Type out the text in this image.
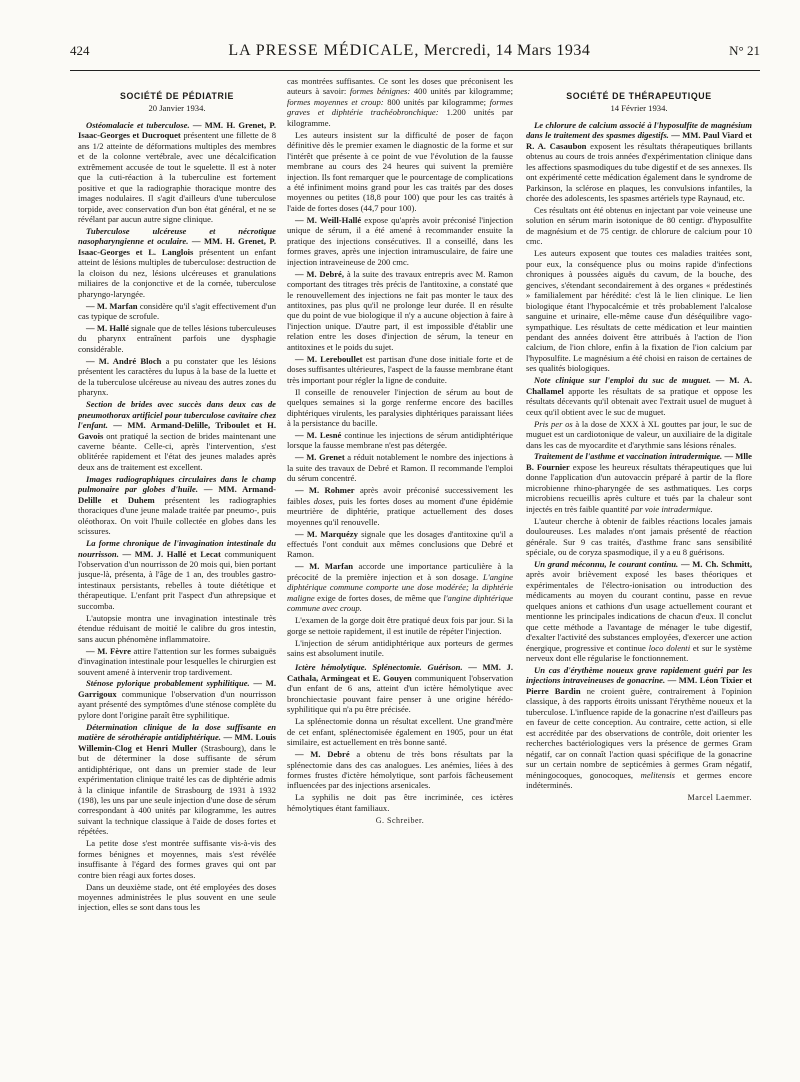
424	LA PRESSE MÉDICALE, Mercredi, 14 Mars 1934	N° 21
SOCIÉTÉ DE PÉDIATRIE
20 Janvier 1934.

Ostéomalacie et tuberculose. — MM. H. Grenet, P. Isaac-Georges et Ducroquet présentent une fillette de 8 ans 1/2 atteinte de déformations multiples des membres et de la colonne vertébrale, avec une décalcification extrêmement accusée de tout le squelette. Il est à noter que la cuti-réaction à la tuberculine est fortement positive et que la radiographie thoracique montre des images nodulaires. Il s'agit d'ailleurs d'une tuberculose torpide, avec conservation d'un bon état général, et ne se révélant par aucun autre signe clinique.

Tuberculose ulcéreuse et nécrotique nasopharyngienne et oculaire. — MM. H. Grenet, P. Isaac-Georges et L. Langlois présentent un enfant atteint de lésions multiples de tuberculose: destruction de la cloison du nez, lésions ulcéreuses et granulations miliaires de la conjonctive et de la cornée, tuberculose pharyngo-laryngée.

— M. Marfan considère qu'il s'agit effectivement d'un cas typique de scrofule.

— M. Hallé signale que de telles lésions tuberculeuses du pharynx entraînent parfois une dysphagie considérable.

— M. André Bloch a pu constater que les lésions présentent les caractères du lupus à la base de la luette et de la tuberculose ulcéreuse au niveau des autres zones du pharynx.

Section de brides avec succès dans deux cas de pneumothorax artificiel pour tuberculose cavitaire chez l'enfant. — MM. Armand-Delille, Triboulet et H. Gavois ont pratiqué la section de brides maintenant une caverne béante. Celle-ci, après l'intervention, s'est oblitérée rapidement et l'état des jeunes malades après deux ans de traitement est excellent.

Images radiographiques circulaires dans le champ pulmonaire par globes d'huile. — MM. Armand-Delille et Duhem présentent les radiographies thoraciques d'une jeune malade traitée par pneumo-, puis oléothorax. On voit l'huile collectée en globes dans les scissures.

La forme chronique de l'invagination intestinale du nourrisson. — MM. J. Hallé et Lecat communiquent l'observation d'un nourrisson de 20 mois qui, bien portant jusque-là, présenta, à l'âge de 1 an, des troubles gastro-intestinaux persistants, rebelles à toute diététique et thérapeutique. L'enfant prit l'aspect d'un athrepsique et succomba.

L'autopsie montra une invagination intestinale très étendue réduisant de moitié le calibre du gros intestin, sans aucun phénomène inflammatoire.

— M. Fèvre attire l'attention sur les formes subaiguës d'invagination intestinale pour lesquelles le chirurgien est souvent amené à intervenir trop tardivement.

Sténose pylorique probablement syphilitique. — M. Garrigoux communique l'observation d'un nourrisson ayant présenté des symptômes d'une sténose complète du pylore dont l'origine paraît être syphilitique.

Détermination clinique de la dose suffisante en matière de sérothérapie antidiphtérique. — MM. Louis Willemin-Clog et Henri Muller (Strasbourg), dans le but de déterminer la dose suffisante de sérum antidiphtérique, ont dans un premier stade de leur expérimentation clinique traité les cas de diphtérie admis à la clinique infantile de Strasbourg de 1931 à 1932 (198), les uns par une seule injection d'une dose de sérum correspondant à 400 unités par kilogramme, les autres suivant la technique classique à l'aide de doses fortes et répétées.

La petite dose s'est montrée suffisante vis-à-vis des formes bénignes et moyennes, mais s'est révélée insuffisante à l'égard des formes graves qui ont par contre bien réagi aux fortes doses.

Dans un deuxième stade, ont été employées des doses moyennes administrées le plus souvent en une seule injection, elles se sont dans tous les

cas montrées suffisantes. Ce sont les doses que préconisent les auteurs à savoir: formes bénignes: 400 unités par kilogramme; formes moyennes et croup: 800 unités par kilogramme; formes graves et diphtérie trachéobronchique: 1.200 unités par kilogramme.

Les auteurs insistent sur la difficulté de poser de façon définitive dès le premier examen le diagnostic de la forme et sur l'intérêt que présente à ce point de vue l'évolution de la fausse membrane au cours des 24 heures qui suivent la première injection. Ils font remarquer que le pourcentage de complications a été infiniment moins grand pour les cas traités par des doses moyennes ou petites (18,8 pour 100) que pour les cas traités à l'aide de fortes doses (44,7 pour 100).

— M. Weill-Hallé expose qu'après avoir préconisé l'injection unique de sérum, il a été amené à recommander ensuite la pratique des injections consécutives. Il a conseillé, dans les formes graves, après une injection intramusculaire, de faire une injection intraveineuse de 200 cmc.

— M. Debré, à la suite des travaux entrepris avec M. Ramon comportant des titrages très précis de l'antitoxine, a constaté que le renouvellement des injections ne fait pas monter le taux des antitoxines, pas plus qu'il ne prolonge leur durée. Il en résulte que du point de vue biologique il n'y a aucune objection à faire à l'injection unique. D'autre part, il est impossible d'établir une relation entre les doses d'injection de sérum, la teneur en antitoxines et le poids du sujet.

— M. Lereboullet est partisan d'une dose initiale forte et de doses suffisantes ultérieures, l'aspect de la fausse membrane étant très important pour régler la ligne de conduite.

Il conseille de renouveler l'injection de sérum au bout de quelques semaines si la gorge renferme encore des bacilles diphtériques virulents, les paralysies diphtériques paraissant liées à la persistance du bacille.

— M. Lesné continue les injections de sérum antidiphtérique lorsque la fausse membrane n'est pas détergée.

— M. Grenet a réduit notablement le nombre des injections à la suite des travaux de Debré et Ramon. Il recommande l'emploi du sérum concentré.

— M. Rohmer après avoir préconisé successivement les faibles doses, puis les fortes doses au moment d'une épidémie meurtrière de diphtérie, pratique actuellement des doses moyennes qu'il renouvelle.

— M. Marquézy signale que les dosages d'antitoxine qu'il a effectués l'ont conduit aux mêmes conclusions que Debré et Ramon.

— M. Marfan accorde une importance particulière à la précocité de la première injection et à son dosage. L'angine diphtérique commune comporte une dose modérée; la diphtérie maligne exige de fortes doses, de même que l'angine diphtérique commune avec croup.

L'examen de la gorge doit être pratiqué deux fois par jour. Si la gorge se nettoie rapidement, il est inutile de répéter l'injection.

L'injection de sérum antidiphtérique aux porteurs de germes sains est absolument inutile.

Ictère hémolytique. Splénectomie. Guérison. — MM. J. Cathala, Armingeat et E. Gouyen communiquent l'observation d'un enfant de 6 ans, atteint d'un ictère hémolytique avec bronchiectasie pouvant faire penser à une origine hérédo-syphilitique qui n'a pu être précisée.

La splénectomie donna un résultat excellent. Une grand'mère de cet enfant, splénectomisée également en 1905, pour un état similaire, est actuellement en très bonne santé.

— M. Debré a obtenu de très bons résultats par la splénectomie dans des cas analogues. Les anémies, liées à des formes frustes d'ictère hémolytique, sont parfois fâcheusement influencées par des injections arsenicales.

La syphilis ne doit pas être incriminée, ces ictères hémolytiques étant familiaux.

G. Schreiber.
SOCIÉTÉ DE THÉRAPEUTIQUE
14 Février 1934.

Le chlorure de calcium associé à l'hyposulfite de magnésium dans le traitement des spasmes digestifs. — MM. Paul Viard et R. A. Casaubon exposent les résultats thérapeutiques brillants obtenus au cours de trois années d'expérimentation clinique dans les affections spasmodiques du tube digestif et de ses annexes. Ils ont expérimenté cette médication également dans le syndrome de Parkinson, la sclérose en plaques, les convulsions infantiles, la chorée des adolescents, les spasmes artériels type Raynaud, etc.

Ces résultats ont été obtenus en injectant par voie veineuse une solution en sérum marin isotonique de 80 centigr. d'hyposulfite de magnésium et de 75 centigr. de chlorure de calcium pour 10 cmc.

Les auteurs exposent que toutes ces maladies traitées sont, pour eux, la conséquence plus ou moins rapide d'infections chroniques à poussées aiguës du cavum, de la bouche, des gencives, s'étendant secondairement à des organes « prédestinés » familialement par hérédité: c'est là le lien clinique. Le lien biologique étant l'hypocalcémie et très probablement l'alcalose sanguine et urinaire, elle-même cause d'un déséquilibre vago-sympathique. Les résultats de cette médication et leur maintien pendant des années doivent être attribués à l'action de l'ion calcium, de l'ion chlore, enfin à la fixation de l'ion calcium par l'hyposulfite. Le magnésium a été choisi en raison de certaines de ses qualités biologiques.

Note clinique sur l'emploi du suc de muguet. — M. A. Challamel apporte les résultats de sa pratique et oppose les résultats décevants qu'il obtenait avec l'extrait usuel de muguet à ceux qu'il obtient avec le suc de muguet.

Pris per os à la dose de XXX à XL gouttes par jour, le suc de muguet est un cardiotonique de valeur, un auxiliaire de la digitale dans les cas de myocardite et d'arythmie sans lésions rénales.

Traitement de l'asthme et vaccination intradermique. — Mlle B. Fournier expose les heureux résultats thérapeutiques que lui donne l'application d'un autovaccin préparé à partir de la flore microbienne rhino-pharyngée de ses asthmatiques. Les corps microbiens recueillis après culture et tués par la chaleur sont injectés en très faible quantité par voie intradermique.

L'auteur cherche à obtenir de faibles réactions locales jamais douloureuses. Les malades n'ont jamais présenté de réaction générale. Sur 9 cas traités, d'asthme franc sans sensibilité spéciale, ou de coryza spasmodique, il y a eu 8 guérisons.

Un grand méconnu, le courant continu. — M. Ch. Schmitt, après avoir brièvement exposé les bases théoriques et expérimentales de l'électro-ionisation ou introduction des médicaments au moyen du courant continu, passe en revue quelques anions et cathions d'un usage actuellement courant et mentionne les principales indications de chacun d'eux. Il conclut que cette méthode a l'avantage de ménager le tube digestif, d'exalter l'activité des substances employées, d'exercer une action énergique, progressive et continue loco dolenti et sur le système nerveux dont elle régularise le fonctionnement.

Un cas d'érythème noueux grave rapidement guéri par les injections intraveineuses de gonacrine. — MM. Léon Tixier et Pierre Bardin ne croient guère, contrairement à l'opinion classique, à des rapports étroits unissant l'érythème noueux et la tuberculose. L'influence rapide de la gonacrine n'est d'ailleurs pas en faveur de cette conception. Au contraire, cette action, si elle est accréditée par des observations de contrôle, doit orienter les recherches bactériologiques vers la présence de germes Gram négatif, car on connaît l'action quasi spécifique de la gonacrine sur un certain nombre de septicémies à germes Gram négatif, méningocoques, gonocoques, melitensis et germes encore indéterminés.

Marcel Laemmer.
